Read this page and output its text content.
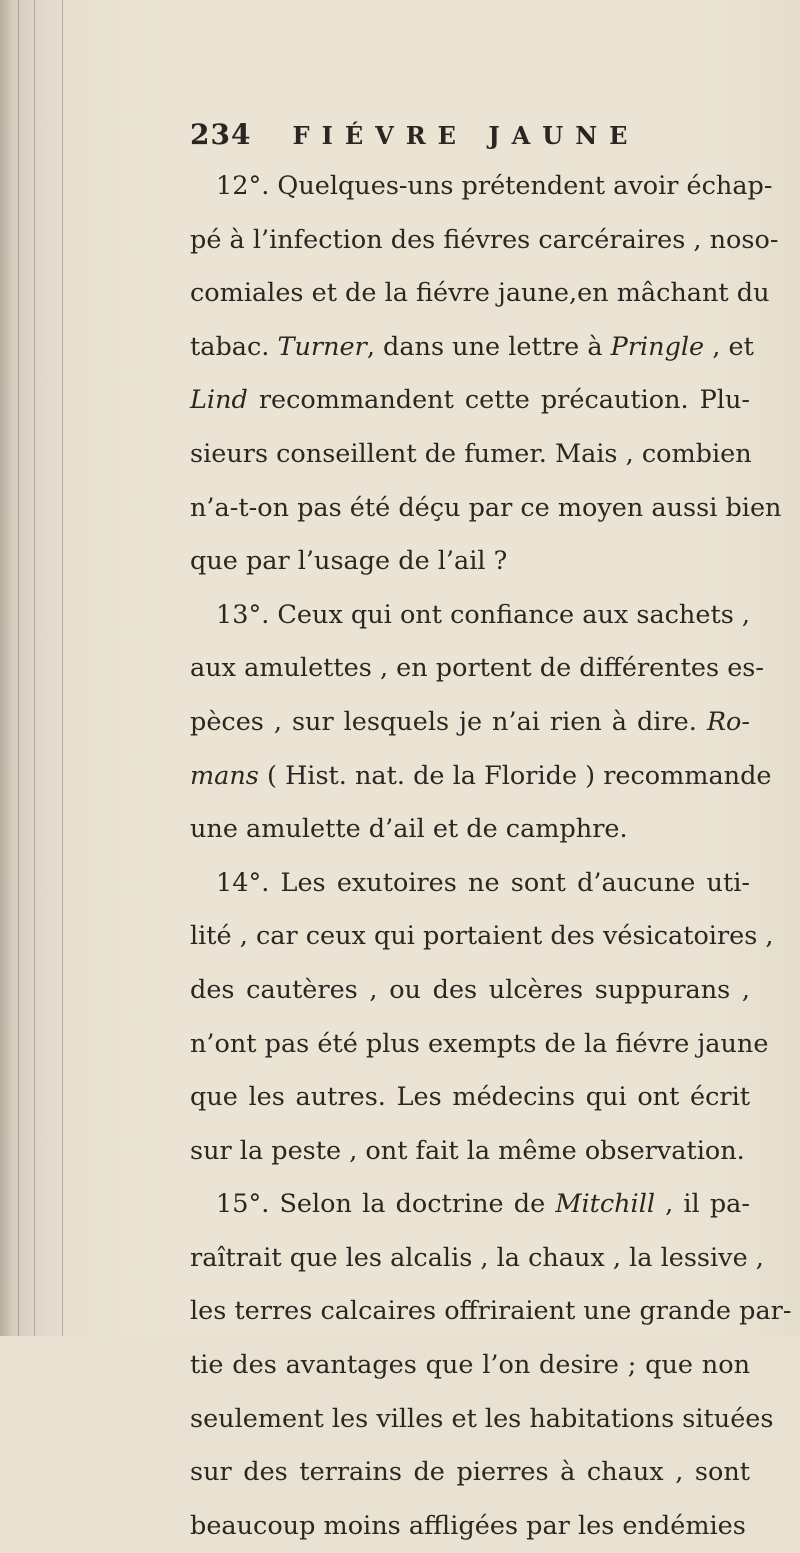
234 FIÉVRE JAUNE
12°. Quelques-uns prétendent avoir échap-
pé à l’infection des fiévres carcéraires , noso-
comiales et de la fiévre jaune,en mâchant du
tabac. Turner, dans une lettre à Pringle , et
Lind recommandent cette précaution. Plu-
sieurs conseillent de fumer. Mais , combien
n’a-t-on pas été déçu par ce moyen aussi bien
que par l’usage de l’ail ?
13°. Ceux qui ont confiance aux sachets ,
aux amulettes , en portent de différentes es-
pèces , sur lesquels je n’ai rien à dire. Ro-
mans ( Hist. nat. de la Floride ) recommande
une amulette d’ail et de camphre.
14°. Les exutoires ne sont d’aucune uti-
lité , car ceux qui portaient des vésicatoires ,
des cautères , ou des ulcères suppurans ,
n’ont pas été plus exempts de la fiévre jaune
que les autres. Les médecins qui ont écrit
sur la peste , ont fait la même observation.
15°. Selon la doctrine de Mitchill , il pa-
raîtrait que les alcalis , la chaux , la lessive ,
les terres calcaires offriraient une grande par-
tie des avantages que l’on desire ; que non
seulement les villes et les habitations situées
sur des terrains de pierres à chaux , sont
beaucoup moins affligées par les endémies
